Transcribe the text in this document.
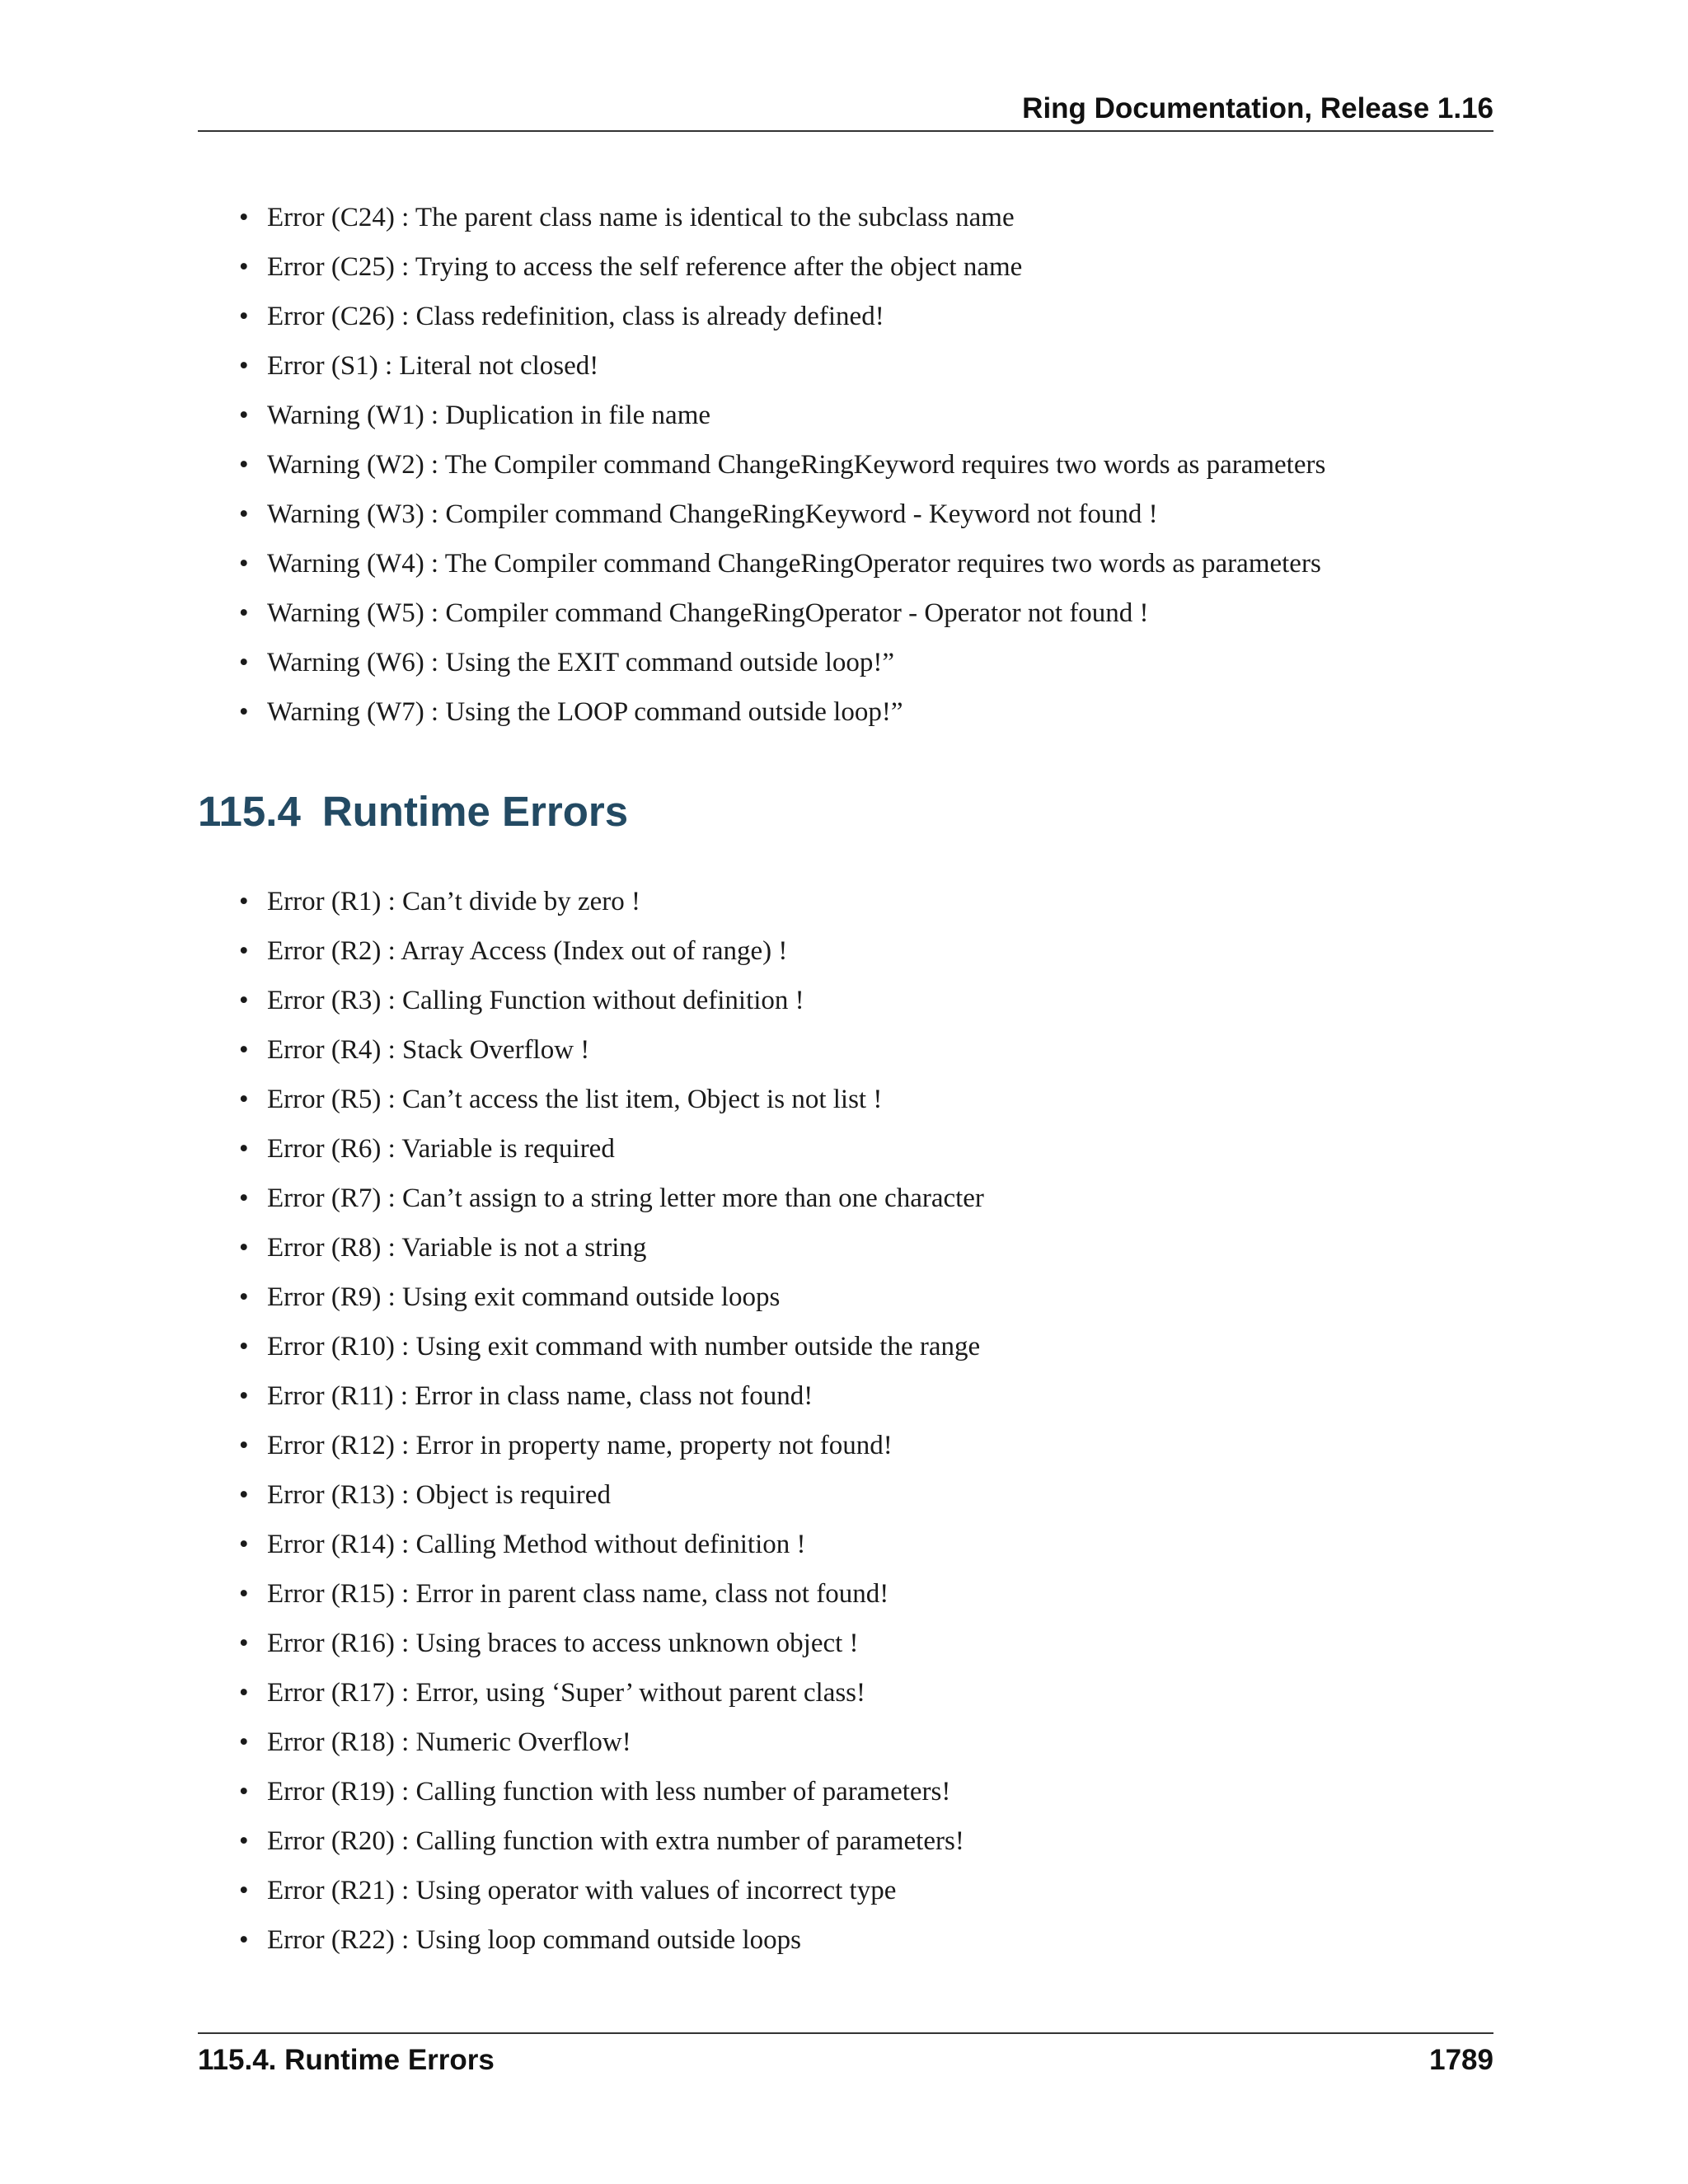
Ring Documentation, Release 1.16
• Error (C24) : The parent class name is identical to the subclass name
• Error (C25) : Trying to access the self reference after the object name
• Error (C26) : Class redefinition, class is already defined!
• Error (S1) : Literal not closed!
• Warning (W1) : Duplication in file name
• Warning (W2) : The Compiler command ChangeRingKeyword requires two words as parameters
• Warning (W3) : Compiler command ChangeRingKeyword - Keyword not found !
• Warning (W4) : The Compiler command ChangeRingOperator requires two words as parameters
• Warning (W5) : Compiler command ChangeRingOperator - Operator not found !
• Warning (W6) : Using the EXIT command outside loop!”
• Warning (W7) : Using the LOOP command outside loop!”
115.4 Runtime Errors
• Error (R1) : Can’t divide by zero !
• Error (R2) : Array Access (Index out of range) !
• Error (R3) : Calling Function without definition !
• Error (R4) : Stack Overflow !
• Error (R5) : Can’t access the list item, Object is not list !
• Error (R6) : Variable is required
• Error (R7) : Can’t assign to a string letter more than one character
• Error (R8) : Variable is not a string
• Error (R9) : Using exit command outside loops
• Error (R10) : Using exit command with number outside the range
• Error (R11) : Error in class name, class not found!
• Error (R12) : Error in property name, property not found!
• Error (R13) : Object is required
• Error (R14) : Calling Method without definition !
• Error (R15) : Error in parent class name, class not found!
• Error (R16) : Using braces to access unknown object !
• Error (R17) : Error, using ‘Super’ without parent class!
• Error (R18) : Numeric Overflow!
• Error (R19) : Calling function with less number of parameters!
• Error (R20) : Calling function with extra number of parameters!
• Error (R21) : Using operator with values of incorrect type
• Error (R22) : Using loop command outside loops
115.4. Runtime Errors	1789
